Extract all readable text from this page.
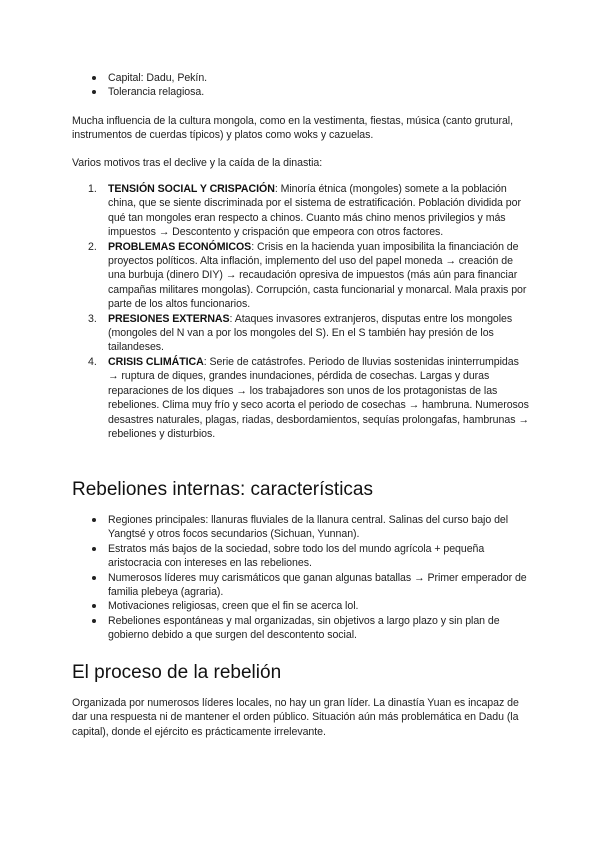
Capital: Dadu, Pekín.
Tolerancia relagiosa.

Mucha influencia de la cultura mongola, como en la vestimenta, fiestas, música (canto grutural, instrumentos de cuerdas típicos) y platos como woks y cazuelas.

Varios motivos tras el declive y la caída de la dinastia:

1.	TENSIÓN SOCIAL Y CRISPACIÓN: Minoría étnica (mongoles) somete a la población china, que se siente discriminada por el sistema de estratificación. Población dividida por qué tan mongoles eran respecto a chinos. Cuanto más chino menos privilegios y más impuestos → Descontento y crispación que empeora con otros factores.
2.	PROBLEMAS ECONÓMICOS: Crisis en la hacienda yuan imposibilita la financiación de proyectos políticos. Alta inflación, implemento del uso del papel moneda → creación de una burbuja (dinero DIY) → recaudación opresiva de impuestos (más aún para financiar campañas militares mongolas). Corrupción, casta funcionarial y monarcal. Mala praxis por parte de los altos funcionarios.
3.	PRESIONES EXTERNAS: Ataques invasores extranjeros, disputas entre los mongoles (mongoles del N van a por los mongoles del S). En el S también hay presión de los tailandeses.
4.	CRISIS CLIMÁTICA: Serie de catástrofes. Periodo de lluvias sostenidas ininterrumpidas → ruptura de diques, grandes inundaciones, pérdida de cosechas. Largas y duras reparaciones de los diques → los trabajadores son unos de los protagonistas de las rebeliones. Clima muy frío y seco acorta el periodo de cosechas → hambruna. Numerosos desastres naturales, plagas, riadas, desbordamientos, sequías prolongafas, hambrunas → rebeliones y disturbios.
Rebeliones internas: características
Regiones principales: llanuras fluviales de la llanura central. Salinas del curso bajo del Yangtsé y otros focos secundarios (Sichuan, Yunnan).
Estratos más bajos de la sociedad, sobre todo los del mundo agrícola + pequeña aristocracia con intereses en las rebeliones.
Numerosos líderes muy carismáticos que ganan algunas batallas → Primer emperador de familia plebeya (agraria).
Motivaciones religiosas, creen que el fin se acerca lol.
Rebeliones espontáneas y mal organizadas, sin objetivos a largo plazo y sin plan de gobierno debido a que surgen del descontento social.
El proceso de la rebelión

Organizada por numerosos líderes locales, no hay un gran líder. La dinastía Yuan es incapaz de dar una respuesta ni de mantener el orden público. Situación aún más problemática en Dadu (la capital), donde el ejército es prácticamente irrelevante.
